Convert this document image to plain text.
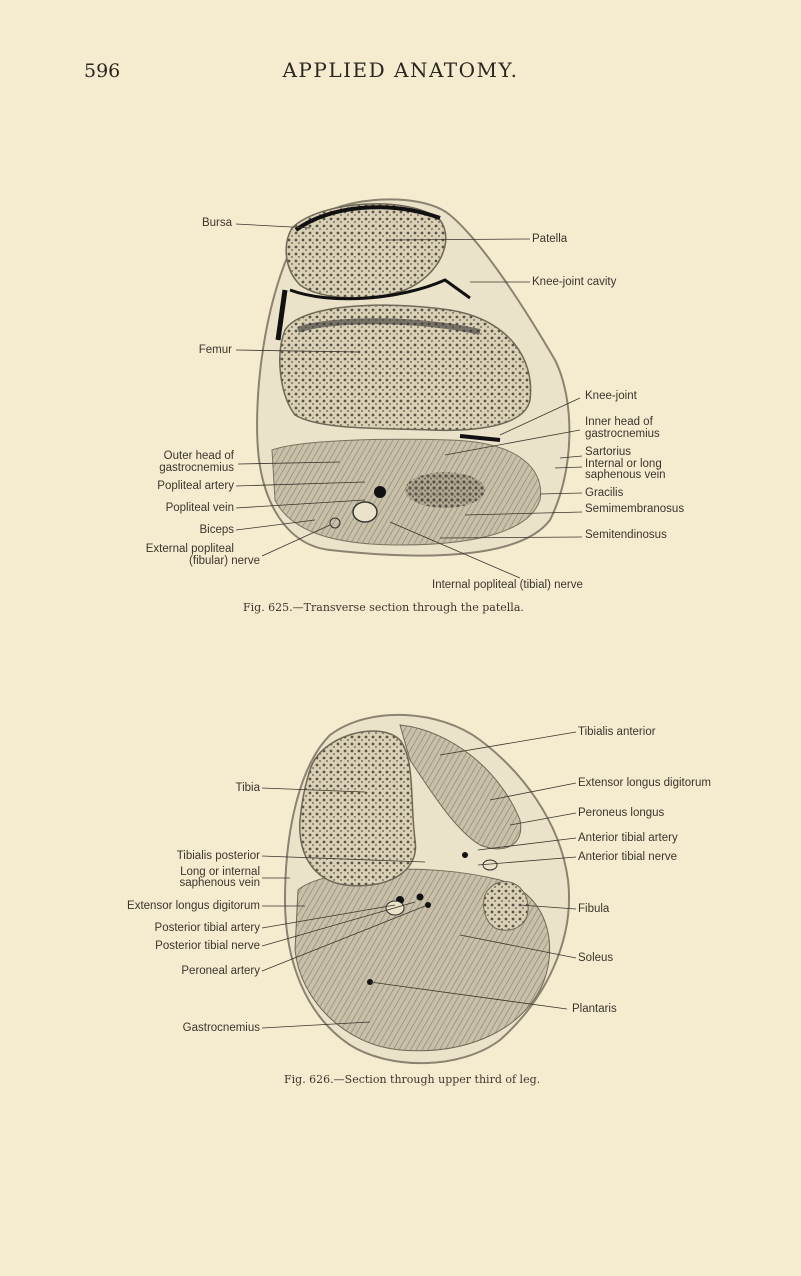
596	APPLIED ANATOMY.
Bursa
Patella
Knee-joint cavity
Femur
Knee-joint
Inner head of
gastrocnemius
Outer head of
gastrocnemius
Sartorius
Internal or long
saphenous vein
Popliteal artery
Gracilis
Popliteal vein	Semimembranosus
Biceps	Semitendinosus
External popliteal
(fibular) nerve
Internal popliteal (tibial) nerve
Fig. 625.—Transverse section through the patella.
Tibialis anterior
Tibia	Extensor longus digitorum
Peroneus longus
Anterior tibial artery
Tibialis posterior	Anterior tibial nerve
Long or internal
saphenous vein
Extensor longus digitorum	Fibula
Posterior tibial artery
Posterior tibial nerve
Soleus
Peroneal artery
Plantaris
Gastrocnemius
Fig. 626.—Section through upper third of leg.
